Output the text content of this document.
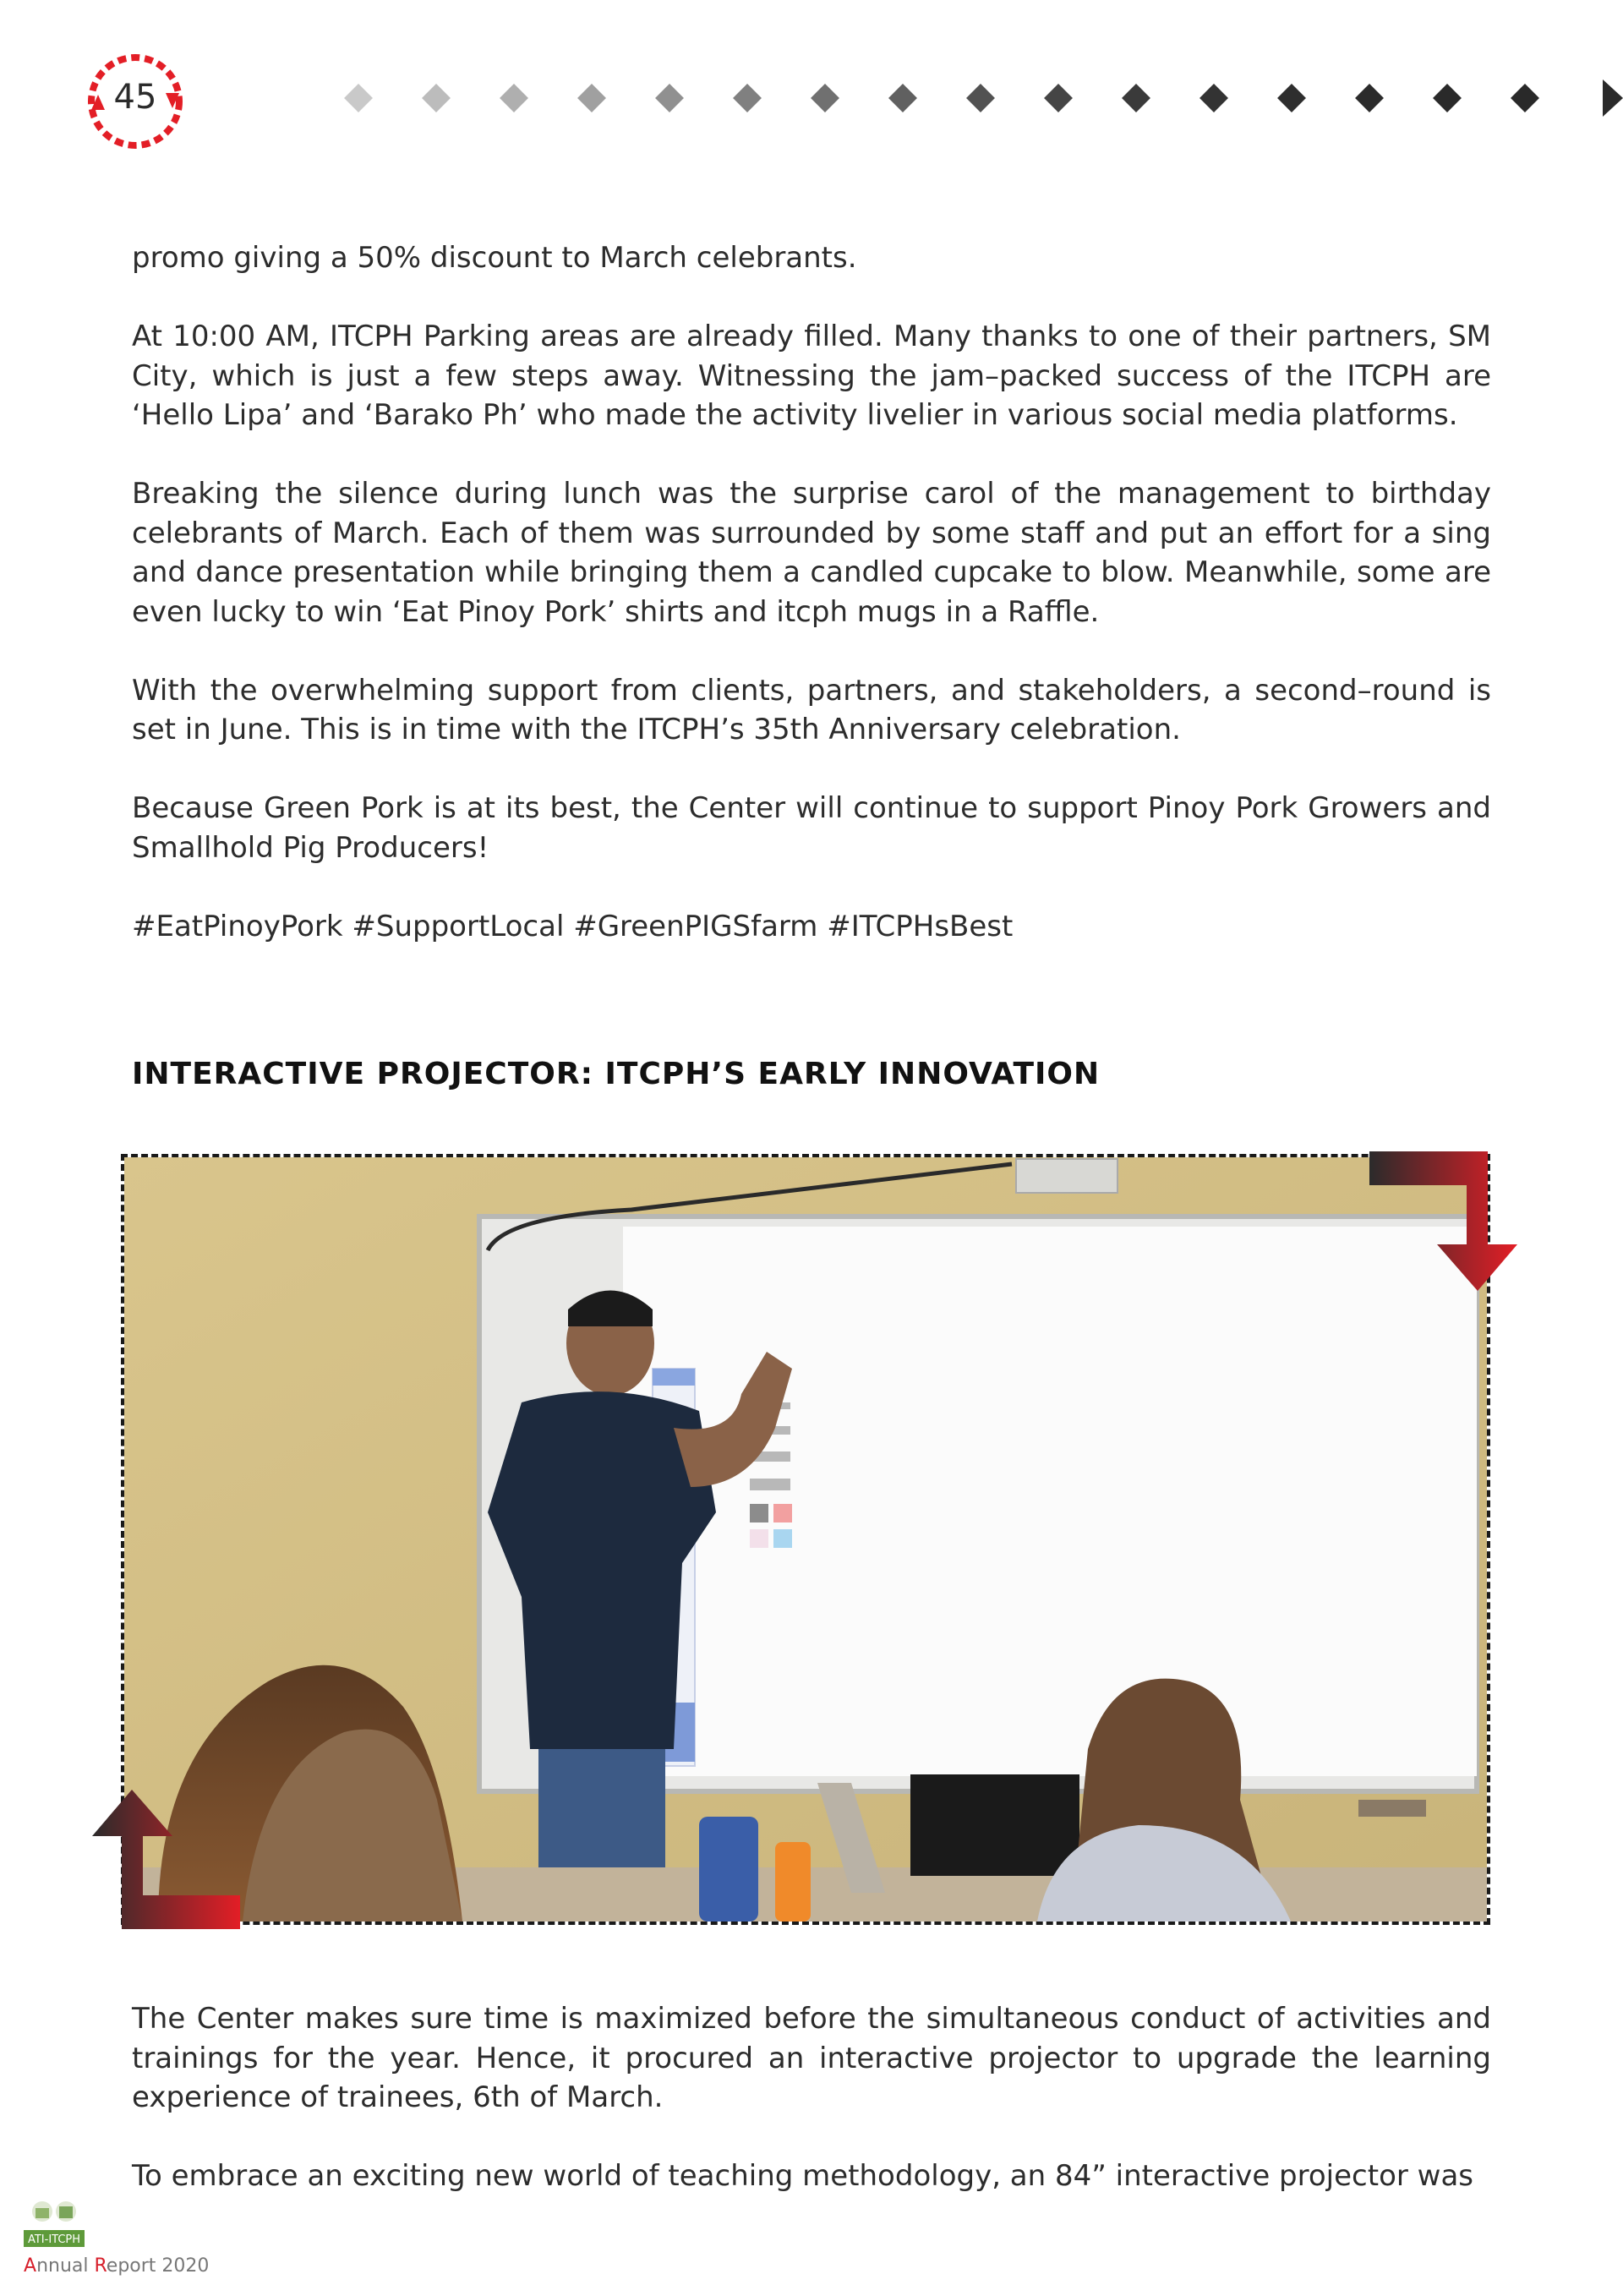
45

promo giving a 50% discount to March celebrants.

At 10:00 AM, ITCPH Parking areas are already filled. Many thanks to one of their partners, SM City, which is just a few steps away. Witnessing the jam–packed success of the ITCPH are ‘Hello Lipa’ and ‘Barako Ph’ who made the activity livelier in various social media platforms.

Breaking the silence during lunch was the surprise carol of the management to birthday celebrants of March. Each of them was surrounded by some staff and put an effort for a sing and dance presentation while bringing them a candled cupcake to blow. Meanwhile, some are even lucky to win ‘Eat Pinoy Pork’ shirts and itcph mugs in a Raffle.

With the overwhelming support from clients, partners, and stakeholders, a second–round is set in June. This is in time with the ITCPH’s 35th Anniversary celebration.

Because Green Pork is at its best, the Center will continue to support Pinoy Pork Growers and Smallhold Pig Producers!

#EatPinoyPork #SupportLocal #GreenPIGSfarm #ITCPHsBest

INTERACTIVE PROJECTOR: ITCPH’S EARLY INNOVATION

The Center makes sure time is maximized before the simultaneous conduct of activities and trainings for the year. Hence, it procured an interactive projector to upgrade the learning experience of trainees, 6th of March.

To embrace an exciting new world of teaching methodology, an 84” interactive projector was

ATI-ITCPH
Annual Report 2020
